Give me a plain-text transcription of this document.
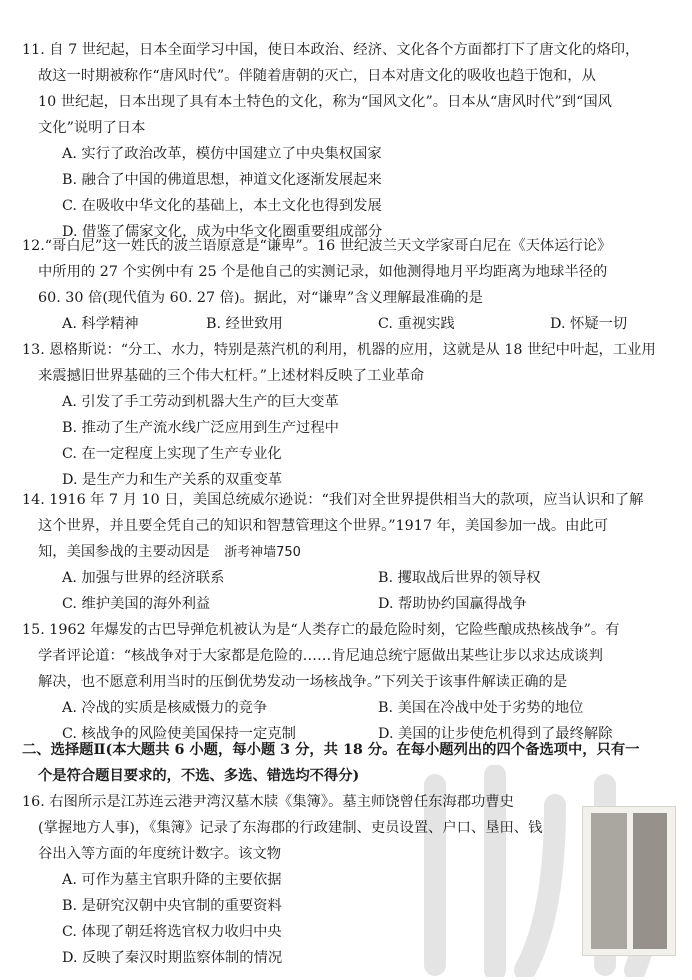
11. 自 7 世纪起，日本全面学习中国，使日本政治、经济、文化各个方面都打下了唐文化的烙印，
故这一时期被称作“唐风时代”。伴随着唐朝的灭亡，日本对唐文化的吸收也趋于饱和，从
10 世纪起，日本出现了具有本土特色的文化，称为“国风文化”。日本从“唐风时代”到“国风
文化”说明了日本
A. 实行了政治改革，模仿中国建立了中央集权国家
B. 融合了中国的佛道思想，神道文化逐渐发展起来
C. 在吸收中华文化的基础上，本土文化也得到发展
D. 借鉴了儒家文化，成为中华文化圈重要组成部分
12.“哥白尼”这一姓氏的波兰语原意是“谦卑”。16 世纪波兰天文学家哥白尼在《天体运行论》
中所用的 27 个实例中有 25 个是他自己的实测记录，如他测得地月平均距离为地球半径的
60. 30 倍(现代值为 60. 27 倍)。据此，对“谦卑”含义理解最准确的是
A. 科学精神	B. 经世致用	C. 重视实践	D. 怀疑一切
13. 恩格斯说：“分工、水力，特别是蒸汽机的利用，机器的应用，这就是从 18 世纪中叶起，工业用
来震撼旧世界基础的三个伟大杠杆。”上述材料反映了工业革命
A. 引发了手工劳动到机器大生产的巨大变革
B. 推动了生产流水线广泛应用到生产过程中
C. 在一定程度上实现了生产专业化
D. 是生产力和生产关系的双重变革
14. 1916 年 7 月 10 日，美国总统威尔逊说：“我们对全世界提供相当大的款项，应当认识和了解
这个世界，并且要全凭自己的知识和智慧管理这个世界。”1917 年，美国参加一战。由此可
知，美国参战的主要动因是 浙考神墙750
A. 加强与世界的经济联系	B. 攫取战后世界的领导权
C. 维护美国的海外利益	D. 帮助协约国赢得战争
15. 1962 年爆发的古巴导弹危机被认为是“人类存亡的最危险时刻，它险些酿成热核战争”。有
学者评论道：“核战争对于大家都是危险的……肯尼迪总统宁愿做出某些让步以求达成谈判
解决，也不愿意利用当时的压倒优势发动一场核战争。”下列关于该事件解读正确的是
A. 冷战的实质是核威慑力的竞争	B. 美国在冷战中处于劣势的地位
C. 核战争的风险使美国保持一定克制	D. 美国的让步使危机得到了最终解除
二、选择题Ⅱ(本大题共 6 小题，每小题 3 分，共 18 分。在每小题列出的四个备选项中，只有一
个是符合题目要求的，不选、多选、错选均不得分)
16. 右图所示是江苏连云港尹湾汉墓木牍《集簿》。墓主师饶曾任东海郡功曹史
(掌握地方人事)，《集簿》记录了东海郡的行政建制、吏员设置、户口、垦田、钱
谷出入等方面的年度统计数字。该文物
A. 可作为墓主官职升降的主要依据
B. 是研究汉朝中央官制的重要资料
C. 体现了朝廷将选官权力收归中央
D. 反映了秦汉时期监察体制的情况
